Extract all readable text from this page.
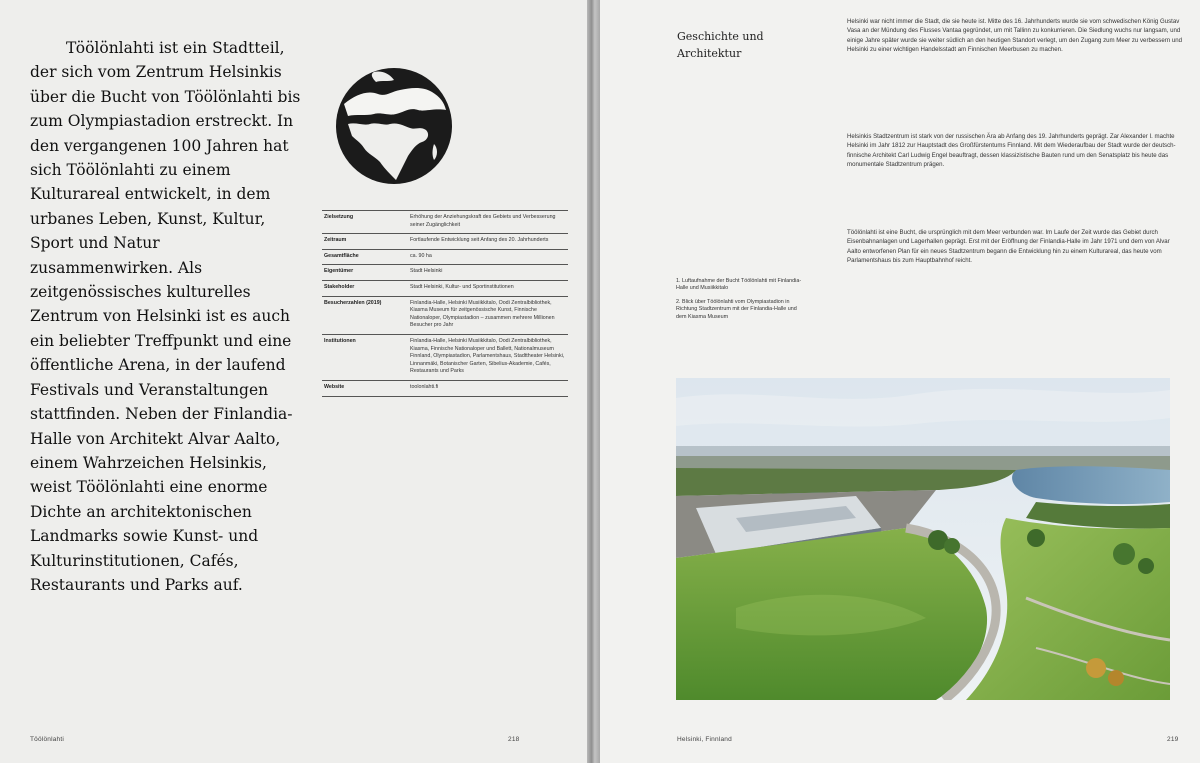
Töölönlahti ist ein Stadtteil, der sich vom Zentrum Helsinkis über die Bucht von Töölönlahti bis zum Olympiastadion erstreckt. In den vergangenen 100 Jahren hat sich Töölönlahti zu einem Kulturareal entwickelt, in dem urbanes Leben, Kunst, Kultur, Sport und Natur zusammenwirken. Als zeitgenössisches kulturelles Zentrum von Helsinki ist es auch ein beliebter Treffpunkt und eine öffentliche Arena, in der laufend Festivals und Veranstaltungen stattfinden. Neben der Finlandia-Halle von Architekt Alvar Aalto, einem Wahrzeichen Helsinkis, weist Töölönlahti eine enorme Dichte an architektonischen Landmarks sowie Kunst- und Kulturinstitutionen, Cafés, Restaurants und Parks auf.

Zielsetzung	Erhöhung der Anziehungskraft des Gebiets und Verbesserung seiner Zugänglichkeit
Zeitraum	Fortlaufende Entwicklung seit Anfang des 20. Jahrhunderts
Gesamtfläche	ca. 90 ha
Eigentümer	Stadt Helsinki
Stakeholder	Stadt Helsinki, Kultur- und Sportinstitutionen
Besucherzahlen (2019)	Finlandia-Halle, Helsinki Musiikkitalo, Oodi Zentralbibliothek, Kiasma Museum für zeitgenössische Kunst, Finnische Nationaloper, Olympiastadion – zusammen mehrere Millionen Besucher pro Jahr
Institutionen	Finlandia-Halle, Helsinki Musiikkitalo, Oodi Zentralbibliothek, Kiasma, Finnische Nationaloper und Ballett, Nationalmuseum Finnland, Olympiastadion, Parlamentshaus, Stadttheater Helsinki, Linnanmäki, Botanischer Garten, Sibelius-Akademie, Cafés, Restaurants und Parks
Website	toolonlahti.fi
Töölönlahti	218
Geschichte und Architektur

Helsinki war nicht immer die Stadt, die sie heute ist. Mitte des 16. Jahrhunderts wurde sie vom schwedischen König Gustav Vasa an der Mündung des Flusses Vantaa gegründet, um mit Tallinn zu konkurrieren. Die Siedlung wuchs nur langsam, und einige Jahre später wurde sie weiter südlich an den heutigen Standort verlegt, um den Zugang zum Meer zu verbessern und Helsinki zu einer wichtigen Handelsstadt am Finnischen Meerbusen zu machen.

Helsinkis Stadtzentrum ist stark von der russischen Ära ab Anfang des 19. Jahrhunderts geprägt. Zar Alexander I. machte Helsinki im Jahr 1812 zur Hauptstadt des Großfürstentums Finnland. Mit dem Wiederaufbau der Stadt wurde der deutsch-finnische Architekt Carl Ludwig Engel beauftragt, dessen klassizistische Bauten rund um den Senatsplatz bis heute das monumentale Stadtzentrum prägen.

Töölönlahti ist eine Bucht, die ursprünglich mit dem Meer verbunden war. Im Laufe der Zeit wurde das Gebiet durch Eisenbahnanlagen und Lagerhallen geprägt. Erst mit der Eröffnung der Finlandia-Halle im Jahr 1971 und dem von Alvar Aalto entworfenen Plan für ein neues Stadtzentrum begann die Entwicklung hin zu einem Kulturareal, das heute vom Parlamentshaus bis zum Hauptbahnhof reicht.

1. Luftaufnahme der Bucht Töölönlahti mit Finlandia-Halle und Musiikkitalo

2. Blick über Töölönlahti vom Olympiastadion in Richtung Stadtzentrum mit der Finlandia-Halle und dem Kiasma Museum

Helsinki, Finnland	219
